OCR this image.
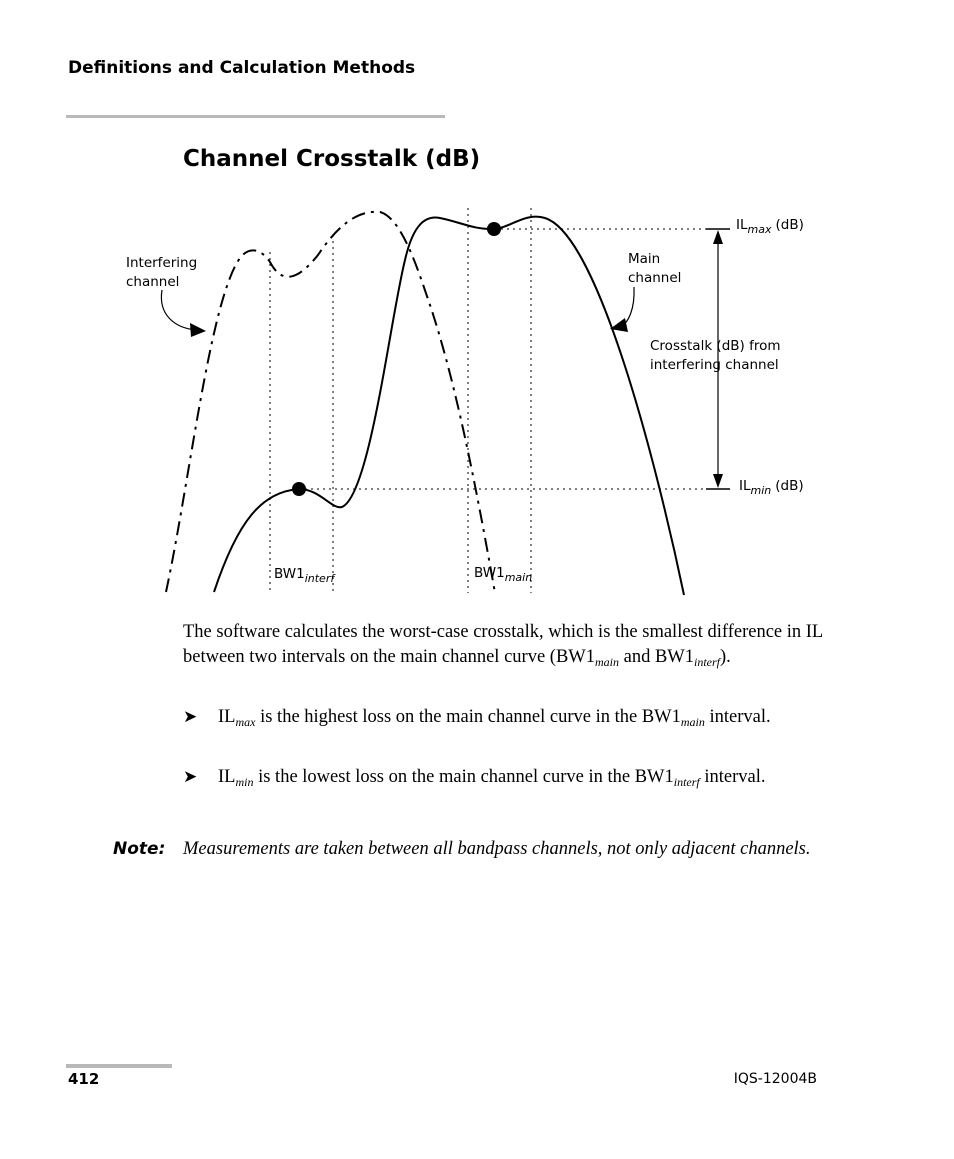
Definitions and Calculation Methods
Channel Crosstalk (dB)
Interfering
channel
Main
channel
Crosstalk (dB) from
interfering channel
$IL_{max}$ (dB)
$IL_{min}$ (dB)
$BW1_{interf}$	$BW1_{main}$

The software calculates the worst-case crosstalk, which is the smallest difference in IL between two intervals on the main channel curve ($BW1_{main}$ and $BW1_{interf}$).

➤ $IL_{max}$ is the highest loss on the main channel curve in the $BW1_{main}$ interval.
➤ $IL_{min}$ is the lowest loss on the main channel curve in the $BW1_{interf}$ interval.
Note: Measurements are taken between all bandpass channels, not only adjacent channels.
412	IQS-12004B
